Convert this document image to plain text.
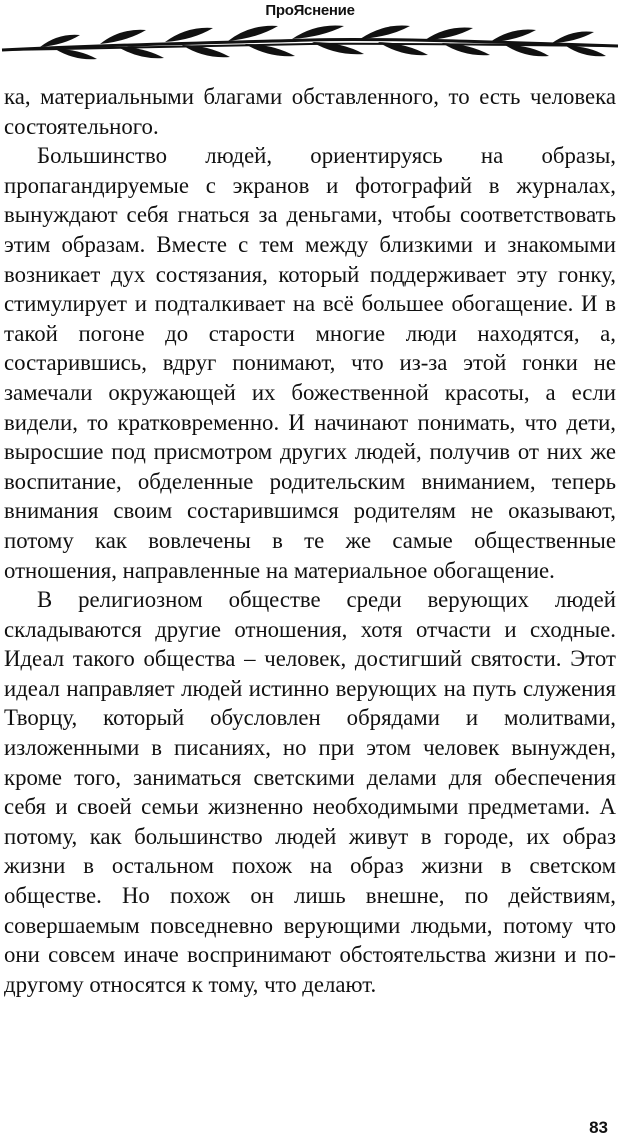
ПроЯснение

ка, материальными благами обставленного, то есть человека состоятельного.

Большинство людей, ориентируясь на образы, пропагандируемые с экранов и фотографий в журналах, вынуждают себя гнаться за деньгами, чтобы соответствовать этим образам. Вместе с тем между близкими и знакомыми возникает дух состязания, который поддерживает эту гонку, стимулирует и подталкивает на всё большее обогащение. И в такой погоне до старости многие люди находятся, а, состарившись, вдруг понимают, что из-за этой гонки не замечали окружающей их божественной красоты, а если видели, то кратковременно. И начинают понимать, что дети, выросшие под присмотром других людей, получив от них же воспитание, обделенные родительским вниманием, теперь внимания своим состарившимся родителям не оказывают, потому как вовлечены в те же самые общественные отношения, направленные на материальное обогащение.

В религиозном обществе среди верующих людей складываются другие отношения, хотя отчасти и сходные. Идеал такого общества – человек, достигший святости. Этот идеал направляет людей истинно верующих на путь служения Творцу, который обусловлен обрядами и молитвами, изложенными в писаниях, но при этом человек вынужден, кроме того, заниматься светскими делами для обеспечения себя и своей семьи жизненно необходимыми предметами. А потому, как большинство людей живут в городе, их образ жизни в остальном похож на образ жизни в светском обществе. Но похож он лишь внешне, по действиям, совершаемым повседневно верующими людьми, потому что они совсем иначе воспринимают обстоятельства жизни и по-другому относятся к тому, что делают.

83
